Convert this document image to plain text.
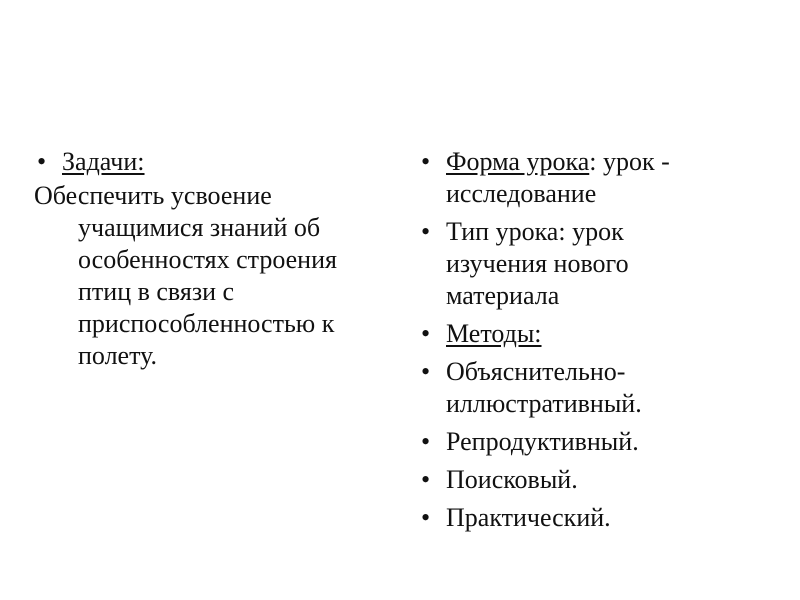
• Задачи:
Обеспечить усвоение
учащимися знаний об
особенностях строения
птиц в связи с
приспособленностью к
полету.
• Форма урока: урок -
исследование
• Тип урока: урок
изучения нового
материала
• Методы:
• Объяснительно-
иллюстративный.
• Репродуктивный.
• Поисковый.
• Практический.
